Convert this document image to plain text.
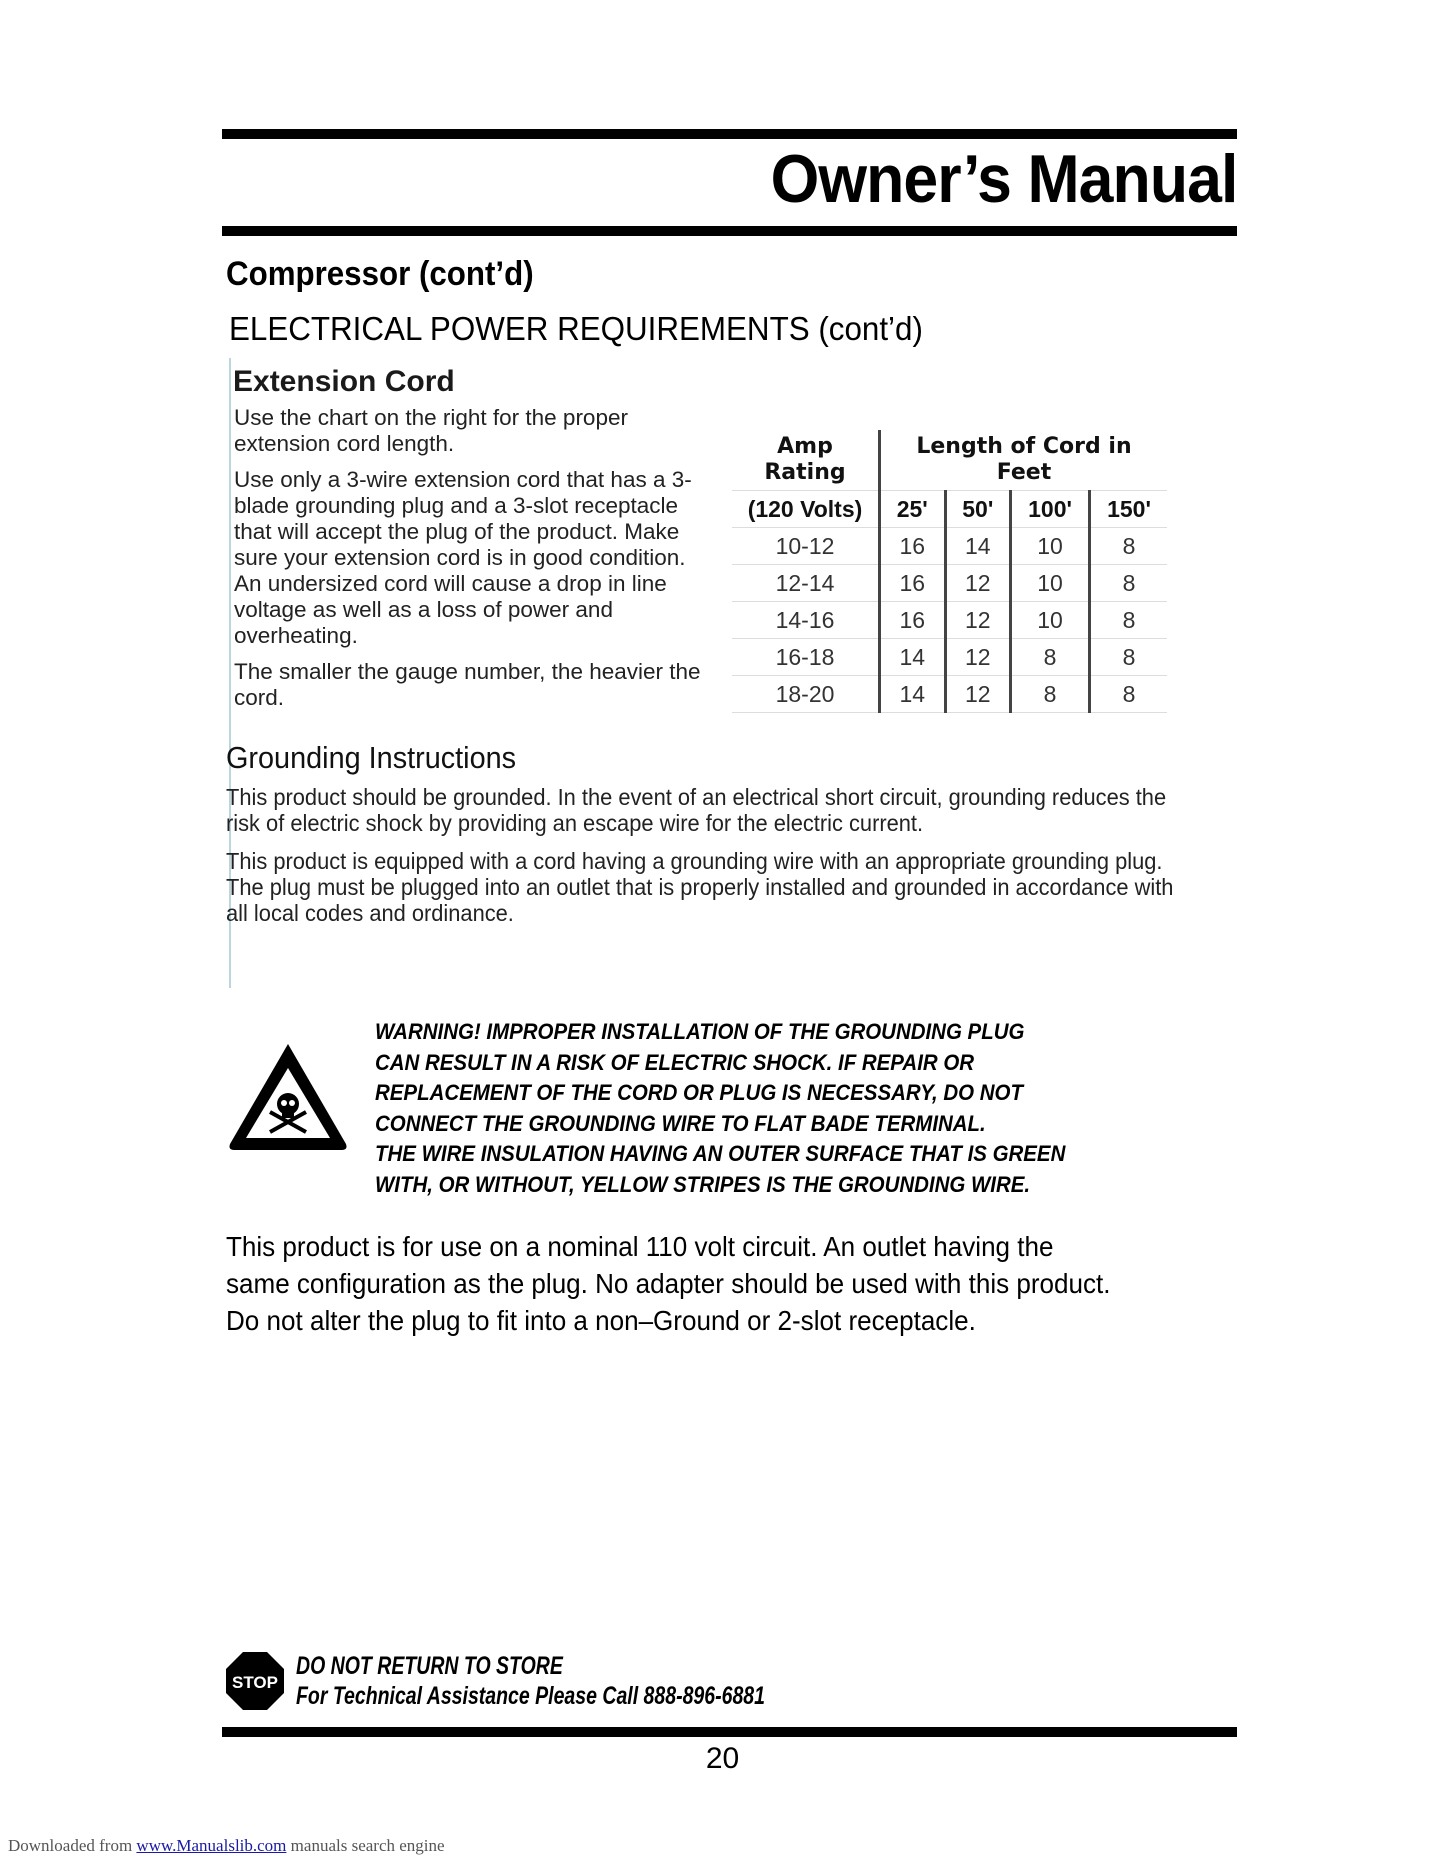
Owner’s Manual
Compressor (cont’d)
ELECTRICAL POWER REQUIREMENTS (cont’d)
Extension Cord

Use the chart on the right for the proper extension cord length.

Use only a 3-wire extension cord that has a 3-blade grounding plug and a 3-slot receptacle that will accept the plug of the product. Make sure your extension cord is in good condition. An undersized cord will cause a drop in line voltage as well as a loss of power and overheating.

The smaller the gauge number, the heavier the cord.

Amp Rating	Length of Cord in Feet			
(120 Volts)	25'	50'	100'	150'
10-12	16	14	10	8
12-14	16	12	10	8
14-16	16	12	10	8
16-18	14	12	8	8
18-20	14	12	8	8
Grounding Instructions

This product should be grounded. In the event of an electrical short circuit, grounding reduces the risk of electric shock by providing an escape wire for the electric current.

This product is equipped with a cord having a grounding wire with an appropriate grounding plug. The plug must be plugged into an outlet that is properly installed and grounded in accordance with all local codes and ordinance.

WARNING! IMPROPER INSTALLATION OF THE GROUNDING PLUG
CAN RESULT IN A RISK OF ELECTRIC SHOCK. IF REPAIR OR
REPLACEMENT OF THE CORD OR PLUG IS NECESSARY, DO NOT
CONNECT THE GROUNDING WIRE TO FLAT BADE TERMINAL.
THE WIRE INSULATION HAVING AN OUTER SURFACE THAT IS GREEN
WITH, OR WITHOUT, YELLOW STRIPES IS THE GROUNDING WIRE.
This product is for use on a nominal 110 volt circuit. An outlet having the
same configuration as the plug. No adapter should be used with this product.
Do not alter the plug to fit into a non–Ground or 2-slot receptacle.
STOP
DO NOT RETURN TO STORE
For Technical Assistance Please Call 888-896-6881
20
Downloaded from www.Manualslib.com manuals search engine
